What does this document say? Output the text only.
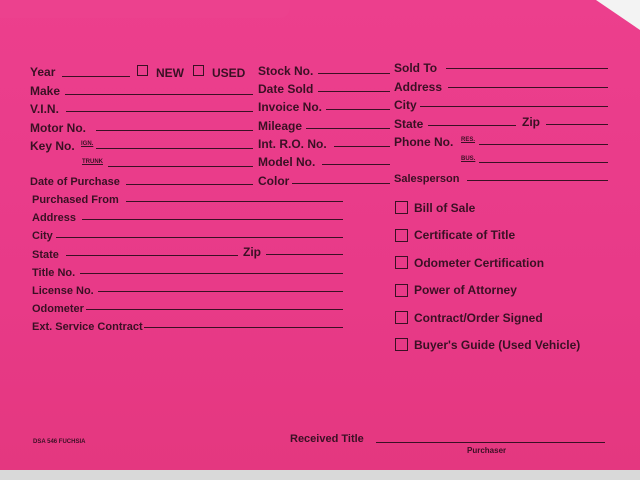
Year	NEW USED
Make
V.I.N.
Motor No.
Key No. IGN.
TRUNK
Date of Purchase
Stock No.
Date Sold
Invoice No.
Mileage
Int. R.O. No.
Model No.
Color
Sold To
Address
City
State	Zip
Phone No. RES.
BUS.
Salesperson
Purchased From
Address
City
State	Zip
Title No.
License No.
Odometer
Ext. Service Contract
Bill of Sale
Certificate of Title
Odometer Certification
Power of Attorney
Contract/Order Signed
Buyer's Guide (Used Vehicle)
DSA 546 FUCHSIA	Received Title
Purchaser
